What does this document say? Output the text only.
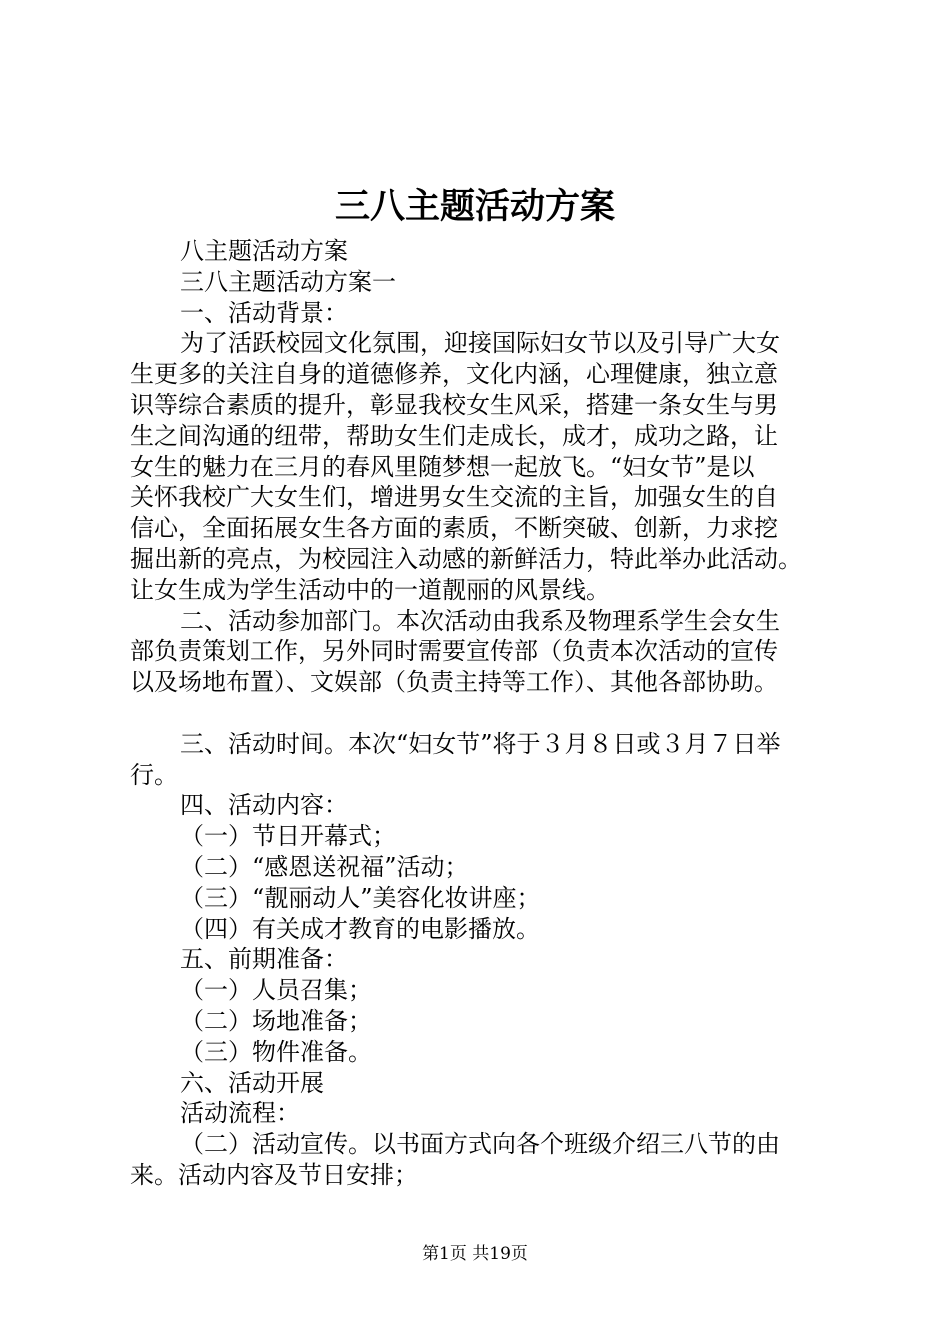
三八主题活动方案
八主题活动方案
三八主题活动方案一
一、活动背景：
为了活跃校园文化氛围，迎接国际妇女节以及引导广大女
生更多的关注自身的道德修养，文化内涵，心理健康，独立意
识等综合素质的提升，彰显我校女生风采，搭建一条女生与男
生之间沟通的纽带，帮助女生们走成长，成才，成功之路，让
女生的魅力在三月的春风里随梦想一起放飞。“妇女节”是以
关怀我校广大女生们，增进男女生交流的主旨，加强女生的自
信心，全面拓展女生各方面的素质，不断突破、创新，力求挖
掘出新的亮点，为校园注入动感的新鲜活力，特此举办此活动。
让女生成为学生活动中的一道靓丽的风景线。
二、活动参加部门。本次活动由我系及物理系学生会女生
部负责策划工作，另外同时需要宣传部（负责本次活动的宣传
以及场地布置）、文娱部（负责主持等工作）、其他各部协助。
三、活动时间。本次“妇女节”将于３月８日或３月７日举
行。
四、活动内容：
（一）节日开幕式；
（二）“感恩送祝福”活动；
（三）“靓丽动人”美容化妆讲座；
（四）有关成才教育的电影播放。
五、前期准备：
（一）人员召集；
（二）场地准备；
（三）物件准备。
六、活动开展
活动流程：
（二）活动宣传。以书面方式向各个班级介绍三八节的由
来。活动内容及节日安排；
第1页 共19页
